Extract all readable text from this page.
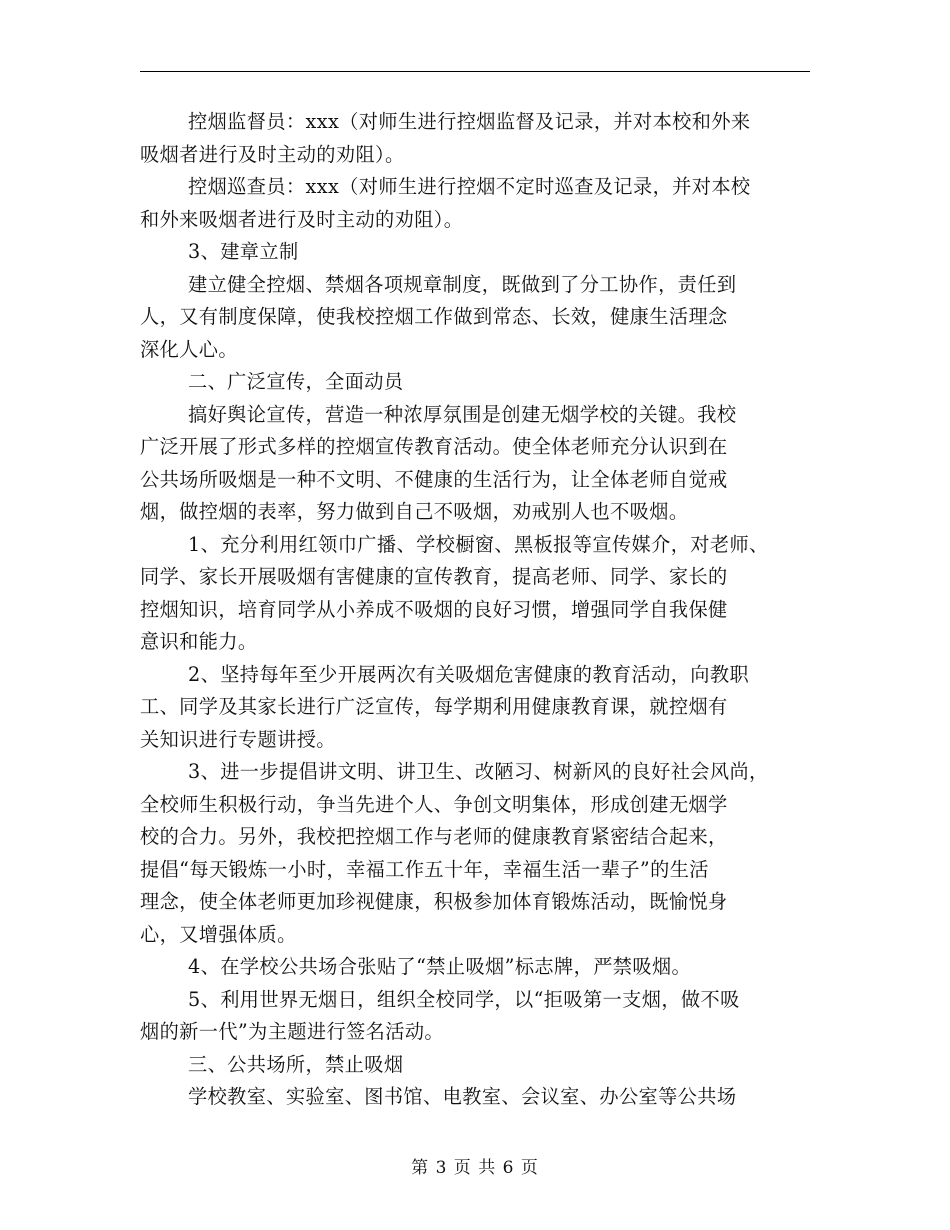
控烟监督员：xxx（对师生进行控烟监督及记录，并对本校和外来
吸烟者进行及时主动的劝阻）。
控烟巡查员：xxx（对师生进行控烟不定时巡查及记录，并对本校
和外来吸烟者进行及时主动的劝阻）。
3、建章立制
建立健全控烟、禁烟各项规章制度，既做到了分工协作，责任到
人，又有制度保障，使我校控烟工作做到常态、长效，健康生活理念
深化人心。
二、广泛宣传，全面动员
搞好舆论宣传，营造一种浓厚氛围是创建无烟学校的关键。我校
广泛开展了形式多样的控烟宣传教育活动。使全体老师充分认识到在
公共场所吸烟是一种不文明、不健康的生活行为，让全体老师自觉戒
烟，做控烟的表率，努力做到自己不吸烟，劝戒别人也不吸烟。
1、充分利用红领巾广播、学校橱窗、黑板报等宣传媒介，对老师、
同学、家长开展吸烟有害健康的宣传教育，提高老师、同学、家长的
控烟知识，培育同学从小养成不吸烟的良好习惯，增强同学自我保健
意识和能力。
2、坚持每年至少开展两次有关吸烟危害健康的教育活动，向教职
工、同学及其家长进行广泛宣传，每学期利用健康教育课，就控烟有
关知识进行专题讲授。
3、进一步提倡讲文明、讲卫生、改陋习、树新风的良好社会风尚，
全校师生积极行动，争当先进个人、争创文明集体，形成创建无烟学
校的合力。另外，我校把控烟工作与老师的健康教育紧密结合起来，
提倡“每天锻炼一小时，幸福工作五十年，幸福生活一辈子”的生活
理念，使全体老师更加珍视健康，积极参加体育锻炼活动，既愉悦身
心，又增强体质。
4、在学校公共场合张贴了“禁止吸烟”标志牌，严禁吸烟。
5、利用世界无烟日，组织全校同学，以“拒吸第一支烟，做不吸
烟的新一代”为主题进行签名活动。
三、公共场所，禁止吸烟
学校教室、实验室、图书馆、电教室、会议室、办公室等公共场
第 3 页 共 6 页
